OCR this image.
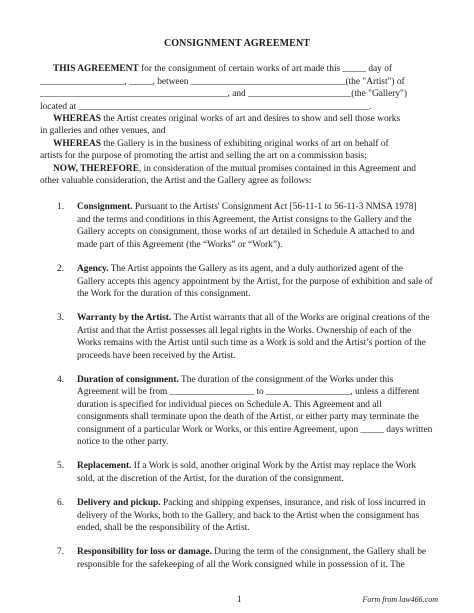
CONSIGNMENT AGREEMENT

THIS AGREEMENT for the consignment of certain works of art made this _____ day of
__________________, _____, between _________________________________(the "Artist") of
________________________________________, and ______________________(the "Gallery")
located at ______________________________________________________________.

WHEREAS the Artist creates original works of art and desires to show and sell those works
in galleries and other venues, and

WHEREAS the Gallery is in the business of exhibiting original works of art on behalf of
artists for the purpose of promoting the artist and selling the art on a commission basis;

NOW, THEREFORE, in consideration of the mutual promises contained in this Agreement and
other valuable consideration, the Artist and the Gallery agree as follows:

1. Consignment. Pursuant to the Artists' Consignment Act [56-11-1 to 56-11-3 NMSA 1978]
and the terms and conditions in this Agreement, the Artist consigns to the Gallery and the
Gallery accepts on consignment, those works of art detailed in Schedule A attached to and
made part of this Agreement (the “Works” or “Work”).
2. Agency. The Artist appoints the Gallery as its agent, and a duly authorized agent of the
Gallery accepts this agency appointment by the Artist, for the purpose of exhibition and sale of
the Work for the duration of this consignment.
3. Warranty by the Artist. The Artist warrants that all of the Works are original creations of the
Artist and that the Artist possesses all legal rights in the Works. Ownership of each of the
Works remains with the Artist until such time as a Work is sold and the Artist’s portion of the
proceeds have been received by the Artist.
4. Duration of consignment. The duration of the consignment of the Works under this
Agreement will be from __________________ to __________________, unless a different
duration is specified for individual pieces on Schedule A. This Agreement and all
consignments shall terminate upon the death of the Artist, or either party may terminate the
consignment of a particular Work or Works, or this entire Agreement, upon _____ days written
notice to the other party.
5. Replacement. If a Work is sold, another original Work by the Artist may replace the Work
sold, at the discretion of the Artist, for the duration of the consignment.
6. Delivery and pickup. Packing and shipping expenses, insurance, and risk of loss incurred in
delivery of the Works, both to the Gallery, and back to the Artist when the consignment has
ended, shall be the responsibility of the Artist.
7. Responsibility for loss or damage. During the term of the consignment, the Gallery shall be
responsible for the safekeeping of all the Work consigned while in possession of it. The
1	Form from law466.com
